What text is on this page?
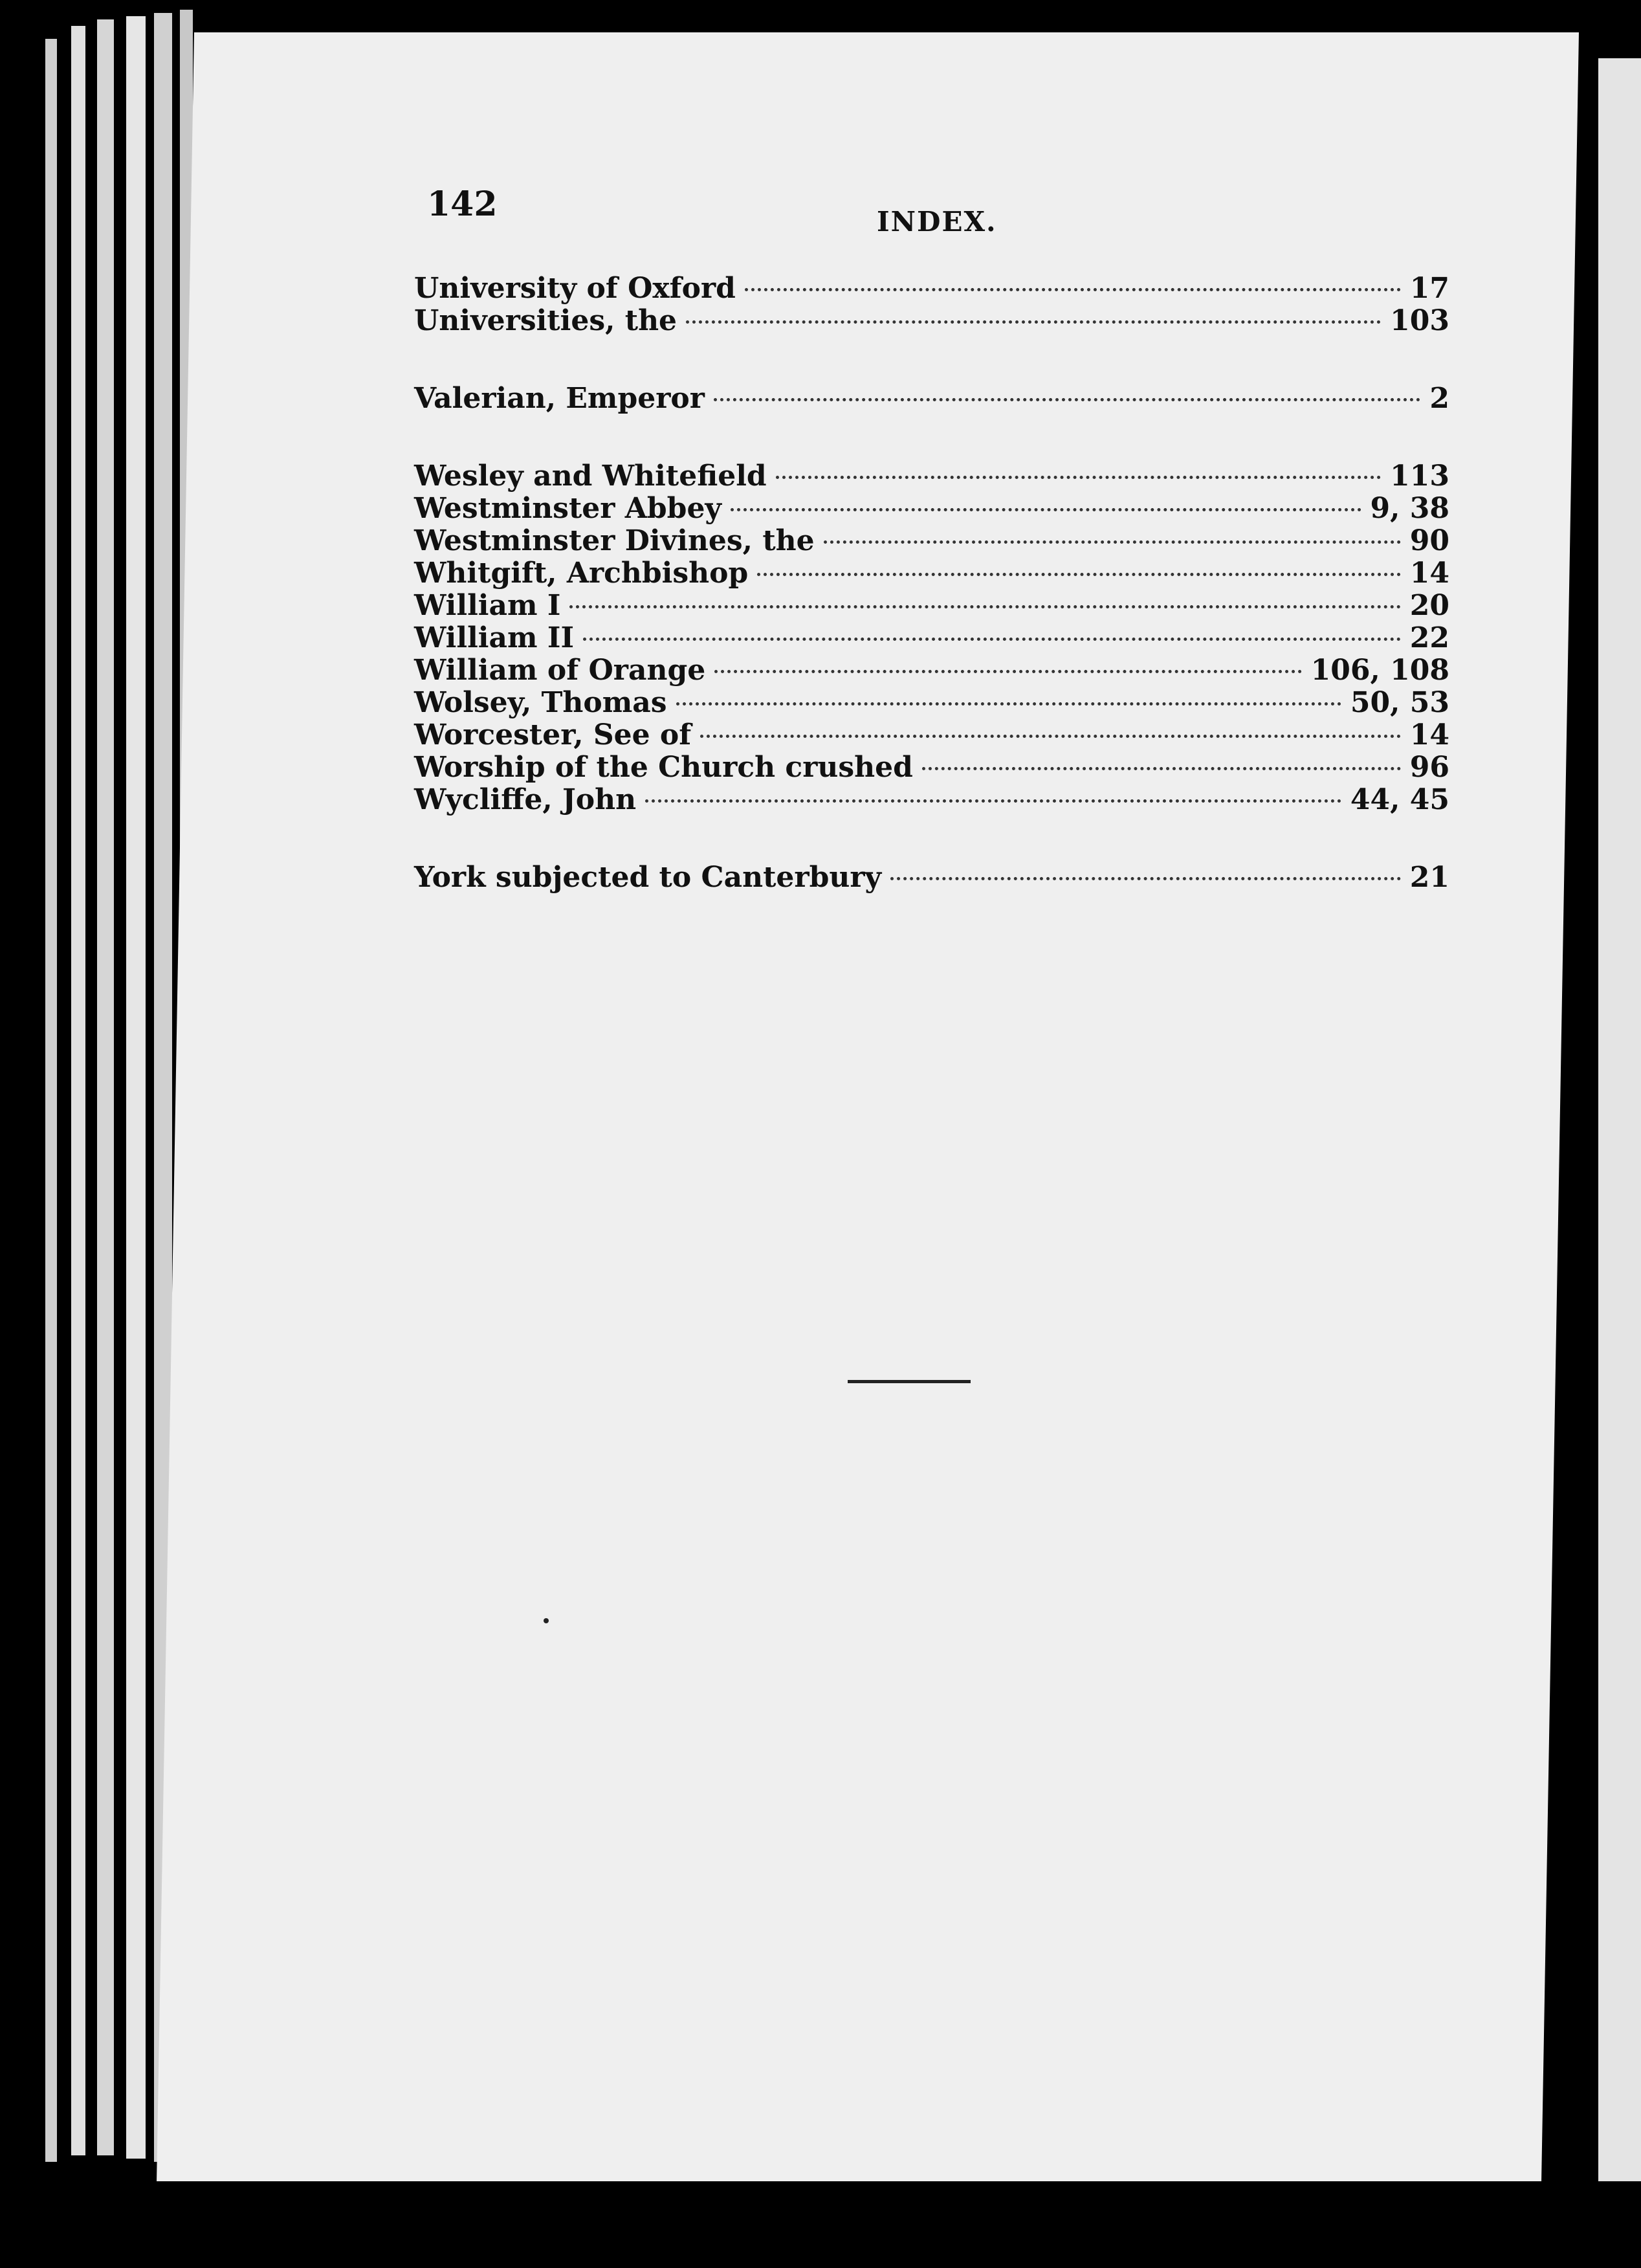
142	INDEX.
University of Oxford	17
Universities, the	103
Valerian, Emperor	2
Wesley and Whitefield	113
Westminster Abbey	9, 38
Westminster Divines, the	90
Whitgift, Archbishop	14
William I	20
William II	22
William of Orange	106, 108
Wolsey, Thomas	50, 53
Worcester, See of	14
Worship of the Church crushed	96
Wycliffe, John	44, 45
York subjected to Canterbury	21
